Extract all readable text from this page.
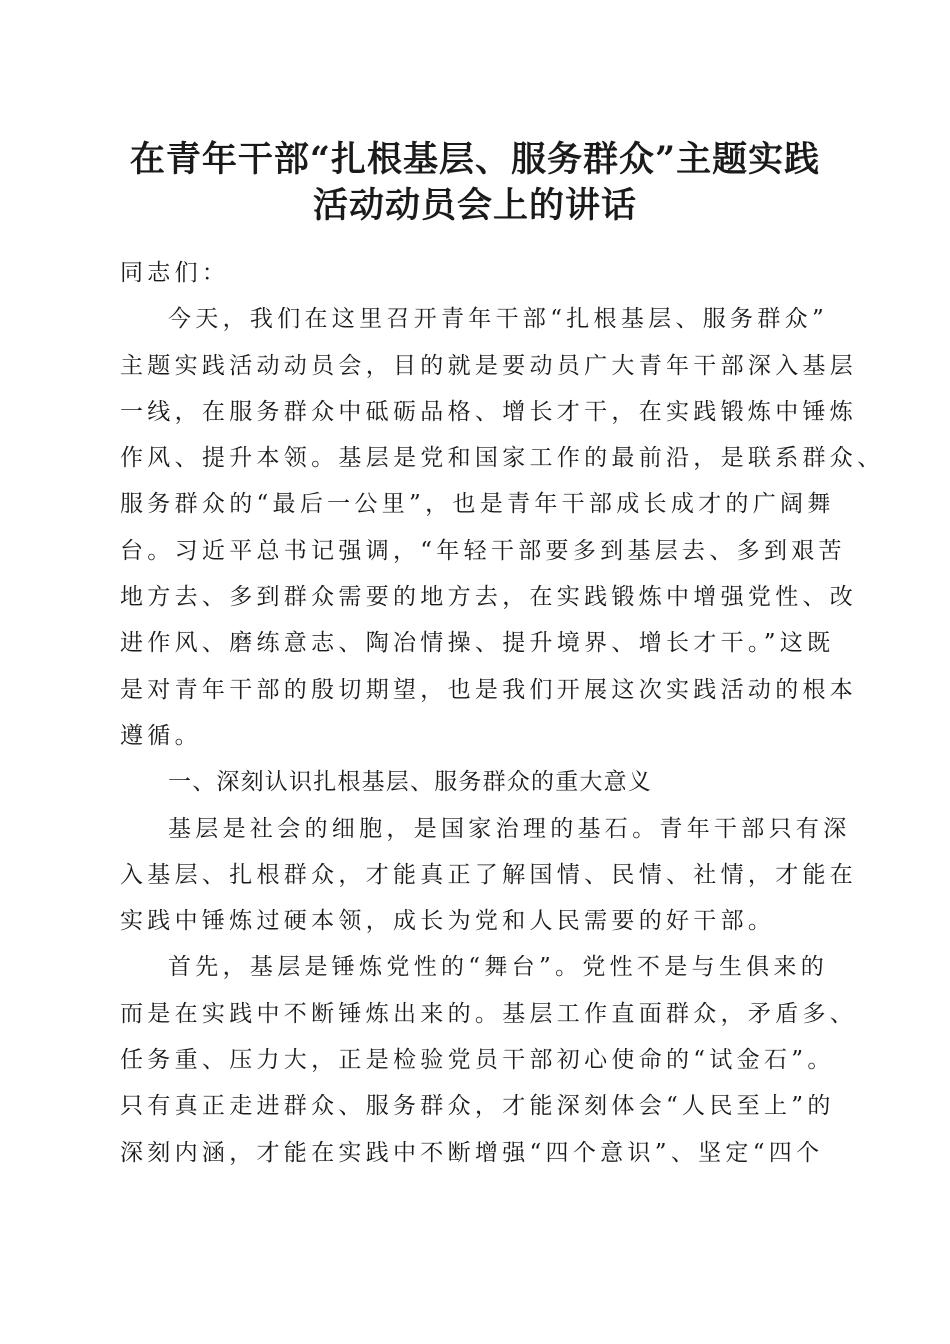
在青年干部“扎根基层、服务群众”主题实践
活动动员会上的讲话
同志们：
今天，我们在这里召开青年干部“扎根基层、服务群众”
主题实践活动动员会，目的就是要动员广大青年干部深入基层
一线，在服务群众中砥砺品格、增长才干，在实践锻炼中锤炼
作风、提升本领。基层是党和国家工作的最前沿，是联系群众、
服务群众的“最后一公里”，也是青年干部成长成才的广阔舞
台。习近平总书记强调，“年轻干部要多到基层去、多到艰苦
地方去、多到群众需要的地方去，在实践锻炼中增强党性、改
进作风、磨练意志、陶冶情操、提升境界、增长才干。”这既
是对青年干部的殷切期望，也是我们开展这次实践活动的根本
遵循。
一、深刻认识扎根基层、服务群众的重大意义
基层是社会的细胞，是国家治理的基石。青年干部只有深
入基层、扎根群众，才能真正了解国情、民情、社情，才能在
实践中锤炼过硬本领，成长为党和人民需要的好干部。
首先，基层是锤炼党性的“舞台”。党性不是与生俱来的
而是在实践中不断锤炼出来的。基层工作直面群众，矛盾多、
任务重、压力大，正是检验党员干部初心使命的“试金石”。
只有真正走进群众、服务群众，才能深刻体会“人民至上”的
深刻内涵，才能在实践中不断增强“四个意识”、坚定“四个
